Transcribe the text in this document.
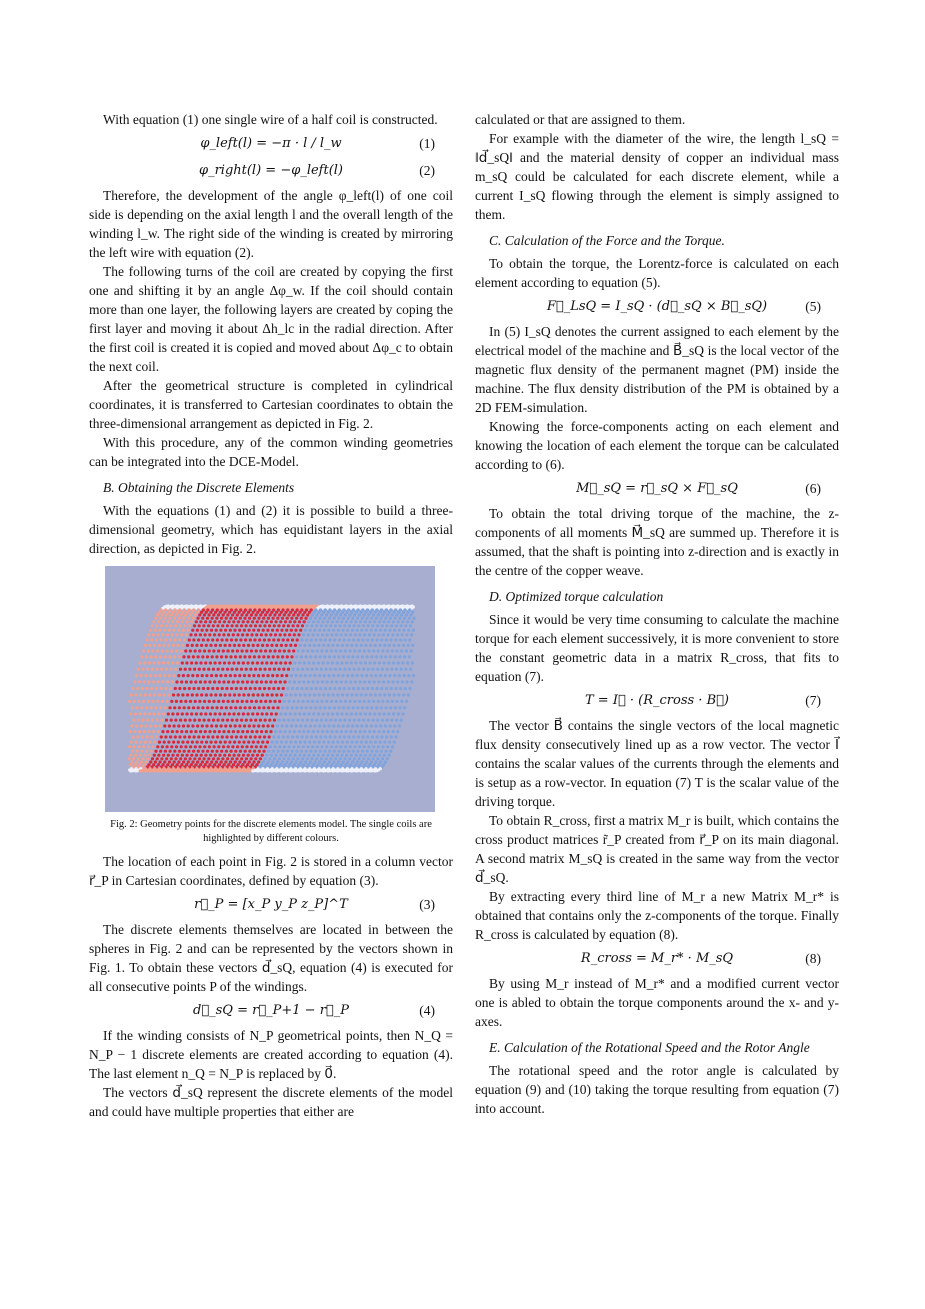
With equation (1) one single wire of a half coil is constructed.

φ_left(l) = −π · l / l_w	(1)
φ_right(l) = −φ_left(l)	(2)

Therefore, the development of the angle φ_left(l) of one coil side is depending on the axial length l and the overall length of the winding l_w. The right side of the winding is created by mirroring the left wire with equation (2).

The following turns of the coil are created by copying the first one and shifting it by an angle Δφ_w. If the coil should contain more than one layer, the following layers are created by coping the first layer and moving it about Δh_lc in the radial direction. After the first coil is created it is copied and moved about Δφ_c to obtain the next coil.

After the geometrical structure is completed in cylindrical coordinates, it is transferred to Cartesian coordinates to obtain the three-dimensional arrangement as depicted in Fig. 2.

With this procedure, any of the common winding geometries can be integrated into the DCE-Model.

B. Obtaining the Discrete Elements

With the equations (1) and (2) it is possible to build a three-dimensional geometry, which has equidistant layers in the axial direction, as depicted in Fig. 2.

Fig. 2: Geometry points for the discrete elements model. The single coils are highlighted by different colours.

The location of each point in Fig. 2 is stored in a column vector r⃗_P in Cartesian coordinates, defined by equation (3).

r⃗_P = [x_P y_P z_P]^T	(3)

The discrete elements themselves are located in between the spheres in Fig. 2 and can be represented by the vectors shown in Fig. 1. To obtain these vectors d⃗_sQ, equation (4) is executed for all consecutive points P of the windings.

d⃗_sQ = r⃗_P+1 − r⃗_P	(4)

If the winding consists of N_P geometrical points, then N_Q = N_P − 1 discrete elements are created according to equation (4). The last element n_Q = N_P is replaced by 0⃗.

The vectors d⃗_sQ represent the discrete elements of the model and could have multiple properties that either are

calculated or that are assigned to them.

For example with the diameter of the wire, the length l_sQ = ‖d⃗_sQ‖ and the material density of copper an individual mass m_sQ could be calculated for each discrete element, while a current I_sQ flowing through the element is simply assigned to them.

C. Calculation of the Force and the Torque.

To obtain the torque, the Lorentz-force is calculated on each element according to equation (5).

F⃗_LsQ = I_sQ · (d⃗_sQ × B⃗_sQ)	(5)

In (5) I_sQ denotes the current assigned to each element by the electrical model of the machine and B⃗_sQ is the local vector of the magnetic flux density of the permanent magnet (PM) inside the machine. The flux density distribution of the PM is obtained by a 2D FEM-simulation.

Knowing the force-components acting on each element and knowing the location of each element the torque can be calculated according to (6).

M⃗_sQ = r⃗_sQ × F⃗_sQ	(6)

To obtain the total driving torque of the machine, the z-components of all moments M⃗_sQ are summed up. Therefore it is assumed, that the shaft is pointing into z-direction and is exactly in the centre of the copper weave.

D. Optimized torque calculation

Since it would be very time consuming to calculate the machine torque for each element successively, it is more convenient to store the constant geometric data in a matrix R_cross, that fits to equation (7).

T = I⃗ · (R_cross · B⃗)	(7)

The vector B⃗ contains the single vectors of the local magnetic flux density consecutively lined up as a row vector. The vector I⃗ contains the scalar values of the currents through the elements and is setup as a row-vector. In equation (7) T is the scalar value of the driving torque.

To obtain R_cross, first a matrix M_r is built, which contains the cross product matrices r̃_P created from r⃗_P on its main diagonal. A second matrix M_sQ is created in the same way from the vector d⃗_sQ.

By extracting every third line of M_r a new Matrix M_r* is obtained that contains only the z-components of the torque. Finally R_cross is calculated by equation (8).

R_cross = M_r* · M_sQ	(8)

By using M_r instead of M_r* and a modified current vector one is abled to obtain the torque components around the x- and y- axes.

E. Calculation of the Rotational Speed and the Rotor Angle

The rotational speed and the rotor angle is calculated by equation (9) and (10) taking the torque resulting from equation (7) into account.
